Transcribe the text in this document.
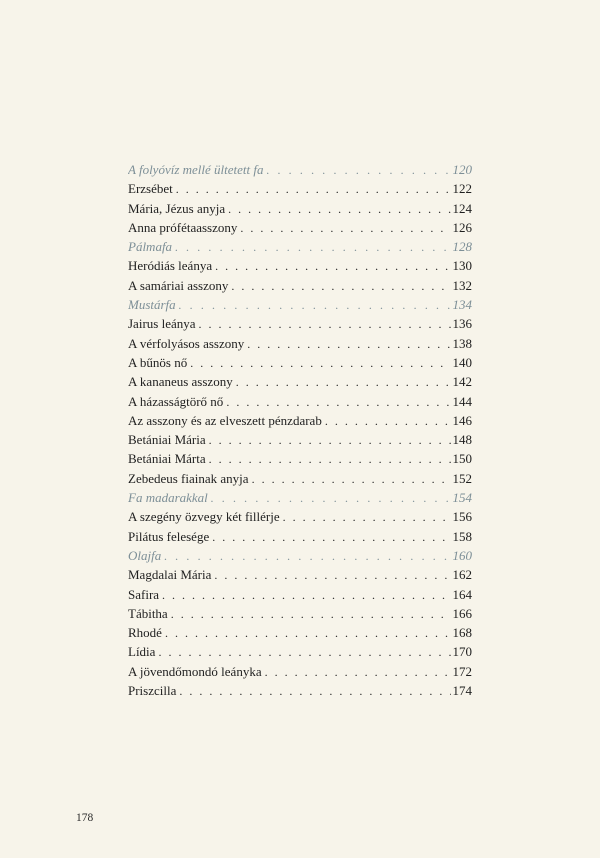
A folyóvíz mellé ültetett fa . . .	120
Erzsébet . . .	122
Mária, Jézus anyja . . .	124
Anna prófétaasszony . . .	126
Pálmafa . . .	128
Heródiás leánya . . .	130
A samáriai asszony . . .	132
Mustárfa . . .	134
Jairus leánya . . .	136
A vérfolyásos asszony . . .	138
A bűnös nő . . .	140
A kananeus asszony . . .	142
A házasságtörő nő . . .	144
Az asszony és az elveszett pénzdarab . . .	146
Betániai Mária . . .	148
Betániai Márta . . .	150
Zebedeus fiainak anyja . . .	152
Fa madarakkal . . .	154
A szegény özvegy két fillérje . . .	156
Pilátus felesége . . .	158
Olajfa . . .	160
Magdalai Mária . . .	162
Safira . . .	164
Tábitha . . .	166
Rhodé . . .	168
Lídia . . .	170
A jövendőmondó leányka . . .	172
Priszcilla . . .	174
178
